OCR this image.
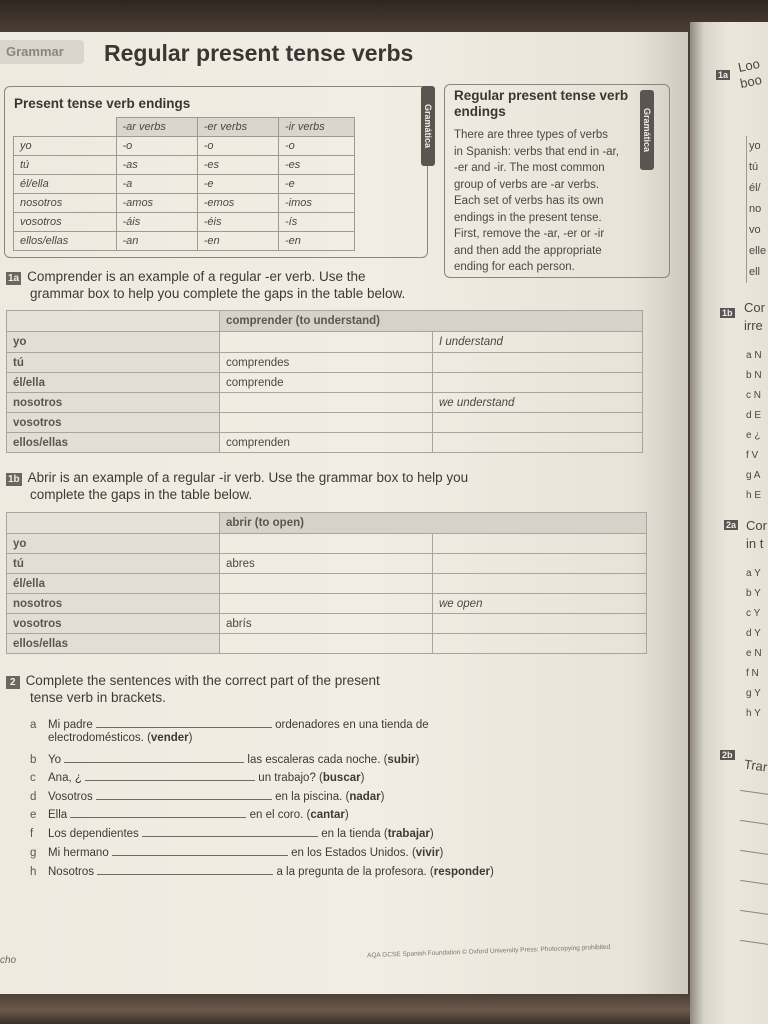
Grammar	Regular present tense verbs
Present tense verb endings
Gramática
	-ar verbs	-er verbs	-ir verbs
yo	-o	-o	-o
tú	-as	-es	-es
él/ella	-a	-e	-e
nosotros	-amos	-emos	-imos
vosotros	-áis	-éis	-ís
ellos/ellas	-an	-en	-en
Regular present tense verb endings	Gramática
There are three types of verbs
in Spanish: verbs that end in -ar,
-er and -ir. The most common
group of verbs are -ar verbs.
Each set of verbs has its own
endings in the present tense.
First, remove the -ar, -er or -ir
and then add the appropriate
ending for each person.
1a Comprender is an example of a regular -er verb. Use the
grammar box to help you complete the gaps in the table below.
	comprender (to understand)	
yo		I understand
tú	comprendes	
él/ella	comprende	
nosotros		we understand
vosotros		
ellos/ellas	comprenden	
1b Abrir is an example of a regular -ir verb. Use the grammar box to help you
complete the gaps in the table below.
	abrir (to open)	
yo		
tú	abres	
él/ella		
nosotros		we open
vosotros	abrís	
ellos/ellas		
2 Complete the sentences with the correct part of the present
tense verb in brackets.
a Mi padre	ordenadores en una tienda de
electrodomésticos. (vender)
b Yo	las escaleras cada noche. (subir)
c Ana, ¿	un trabajo? (buscar)
d Vosotros	en la piscina. (nadar)
e Ella	en el coro. (cantar)
f Los dependientes	en la tienda (trabajar)
g Mi hermano	en los Estados Unidos. (vivir)
h Nosotros	a la pregunta de la profesora. (responder)
AQA GCSE Spanish Foundation © Oxford University Press: Photocopying prohibited
cho
1a Loo
boo
yo
tú
él/
no
vo
elle
ell
1b Cor
irre
a N
b N
c N
d E
e ¿
f V
g A
h E
2a Cor
in t
a Y
b Y
c Y
d Y
e N
f N
g Y
h Y
2b
Trar
